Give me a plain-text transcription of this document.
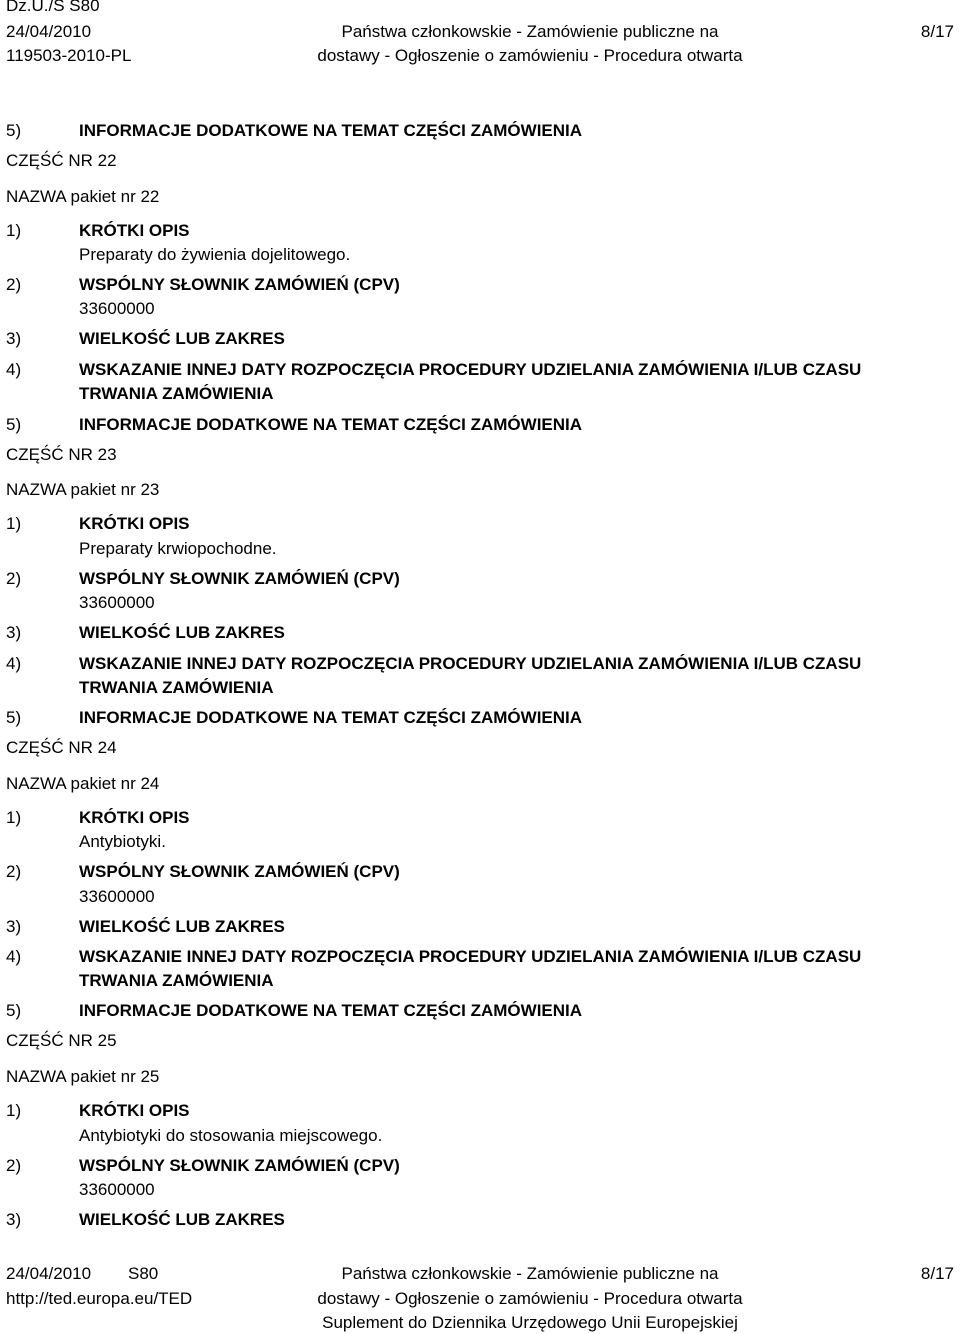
Dz.U./S S80
24/04/2010
119503-2010-PL
Państwa członkowskie - Zamówienie publiczne na
dostawy - Ogłoszenie o zamówieniu - Procedura otwarta
8/17
5)	INFORMACJE DODATKOWE NA TEMAT CZĘŚCI ZAMÓWIENIA
CZĘŚĆ NR 22
NAZWA pakiet nr 22
1)	KRÓTKI OPIS
Preparaty do żywienia dojelitowego.
2)	WSPÓLNY SŁOWNIK ZAMÓWIEŃ (CPV)
33600000
3)	WIELKOŚĆ LUB ZAKRES
4)	WSKAZANIE INNEJ DATY ROZPOCZĘCIA PROCEDURY UDZIELANIA ZAMÓWIENIA I/LUB CZASU
TRWANIA ZAMÓWIENIA
5)	INFORMACJE DODATKOWE NA TEMAT CZĘŚCI ZAMÓWIENIA
CZĘŚĆ NR 23
NAZWA pakiet nr 23
1)	KRÓTKI OPIS
Preparaty krwiopochodne.
2)	WSPÓLNY SŁOWNIK ZAMÓWIEŃ (CPV)
33600000
3)	WIELKOŚĆ LUB ZAKRES
4)	WSKAZANIE INNEJ DATY ROZPOCZĘCIA PROCEDURY UDZIELANIA ZAMÓWIENIA I/LUB CZASU
TRWANIA ZAMÓWIENIA
5)	INFORMACJE DODATKOWE NA TEMAT CZĘŚCI ZAMÓWIENIA
CZĘŚĆ NR 24
NAZWA pakiet nr 24
1)	KRÓTKI OPIS
Antybiotyki.
2)	WSPÓLNY SŁOWNIK ZAMÓWIEŃ (CPV)
33600000
3)	WIELKOŚĆ LUB ZAKRES
4)	WSKAZANIE INNEJ DATY ROZPOCZĘCIA PROCEDURY UDZIELANIA ZAMÓWIENIA I/LUB CZASU
TRWANIA ZAMÓWIENIA
5)	INFORMACJE DODATKOWE NA TEMAT CZĘŚCI ZAMÓWIENIA
CZĘŚĆ NR 25
NAZWA pakiet nr 25
1)	KRÓTKI OPIS
Antybiotyki do stosowania miejscowego.
2)	WSPÓLNY SŁOWNIK ZAMÓWIEŃ (CPV)
33600000
3)	WIELKOŚĆ LUB ZAKRES
24/04/2010 S80
http://ted.europa.eu/TED
Państwa członkowskie - Zamówienie publiczne na
dostawy - Ogłoszenie o zamówieniu - Procedura otwarta
Suplement do Dziennika Urzędowego Unii Europejskiej
8/17
